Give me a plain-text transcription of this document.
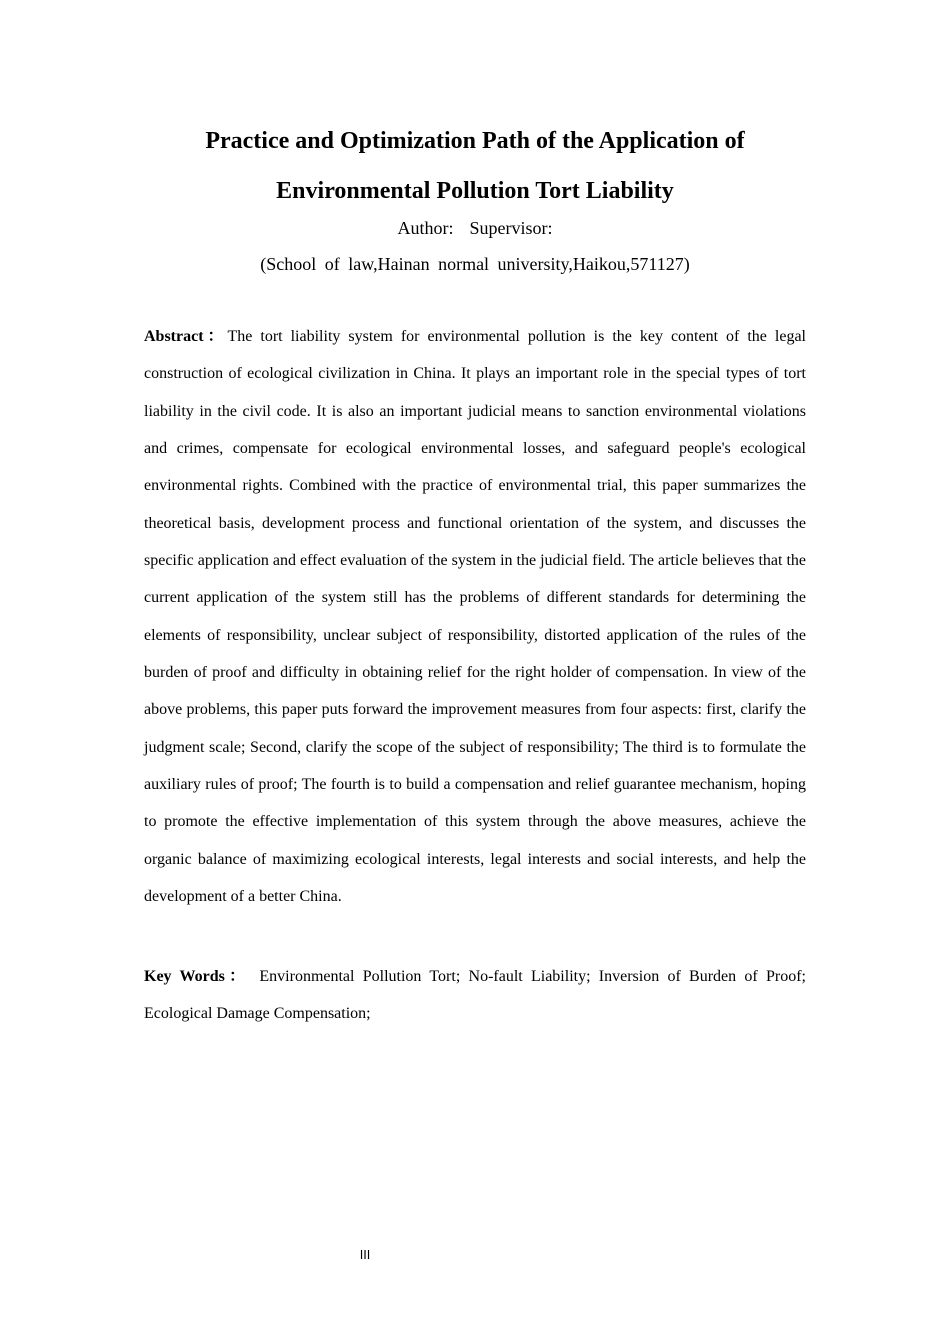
Practice and Optimization Path of the Application of
Environmental Pollution Tort Liability
Author: Supervisor:
(School of law,Hainan normal university,Haikou,571127)

Abstract：The tort liability system for environmental pollution is the key content of the legal construction of ecological civilization in China. It plays an important role in the special types of tort liability in the civil code. It is also an important judicial means to sanction environmental violations and crimes, compensate for ecological environmental losses, and safeguard people's ecological environmental rights. Combined with the practice of environmental trial, this paper summarizes the theoretical basis, development process and functional orientation of the system, and discusses the specific application and effect evaluation of the system in the judicial field. The article believes that the current application of the system still has the problems of different standards for determining the elements of responsibility, unclear subject of responsibility, distorted application of the rules of the burden of proof and difficulty in obtaining relief for the right holder of compensation. In view of the above problems, this paper puts forward the improvement measures from four aspects: first, clarify the judgment scale; Second, clarify the scope of the subject of responsibility; The third is to formulate the auxiliary rules of proof; The fourth is to build a compensation and relief guarantee mechanism, hoping to promote the effective implementation of this system through the above measures, achieve the organic balance of maximizing ecological interests, legal interests and social interests, and help the development of a better China.

Key Words： Environmental Pollution Tort; No-fault Liability; Inversion of Burden of Proof; Ecological Damage Compensation;

III
